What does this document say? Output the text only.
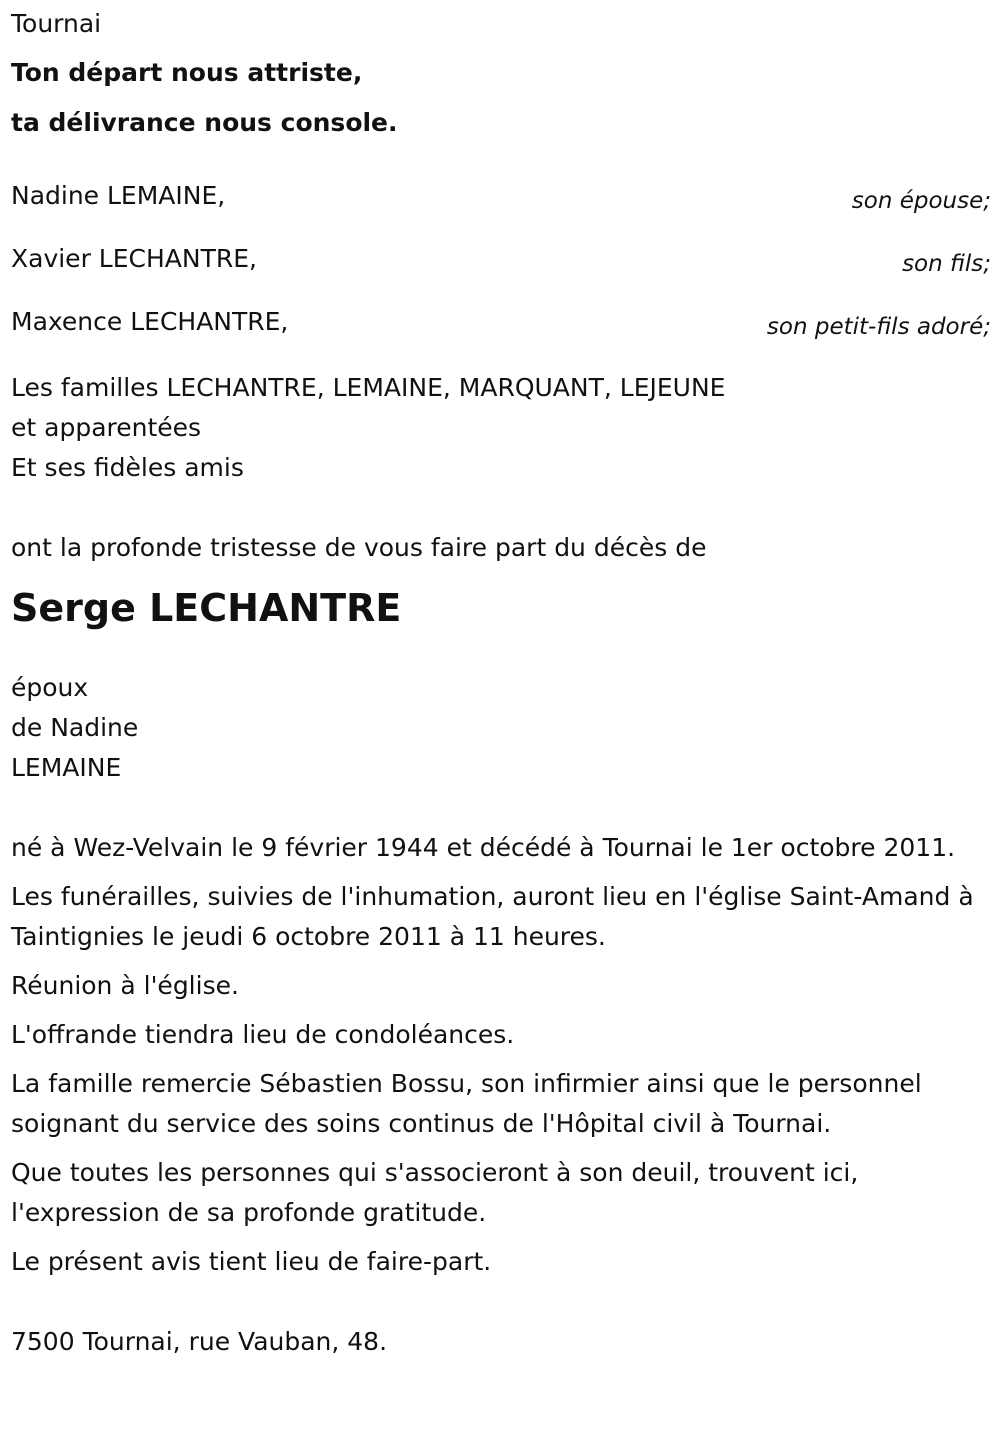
Tournai

Ton départ nous attriste,

ta délivrance nous console.

Nadine LEMAINE,	son épouse;
Xavier LECHANTRE,	son fils;
Maxence LECHANTRE,	son petit-fils adoré;

Les familles LECHANTRE, LEMAINE, MARQUANT, LEJEUNE

et apparentées

Et ses fidèles amis

ont la profonde tristesse de vous faire part du décès de

Serge LECHANTRE

époux

de Nadine

LEMAINE

né à Wez-Velvain le 9 février 1944 et décédé à Tournai le 1er octobre 2011.

Les funérailles, suivies de l'inhumation, auront lieu en l'église Saint-Amand à Taintignies le jeudi 6 octobre 2011 à 11 heures.

Réunion à l'église.

L'offrande tiendra lieu de condoléances.

La famille remercie Sébastien Bossu, son infirmier ainsi que le personnel soignant du service des soins continus de l'Hôpital civil à Tournai.

Que toutes les personnes qui s'associeront à son deuil, trouvent ici, l'expression de sa profonde gratitude.

Le présent avis tient lieu de faire-part.

7500 Tournai, rue Vauban, 48.
